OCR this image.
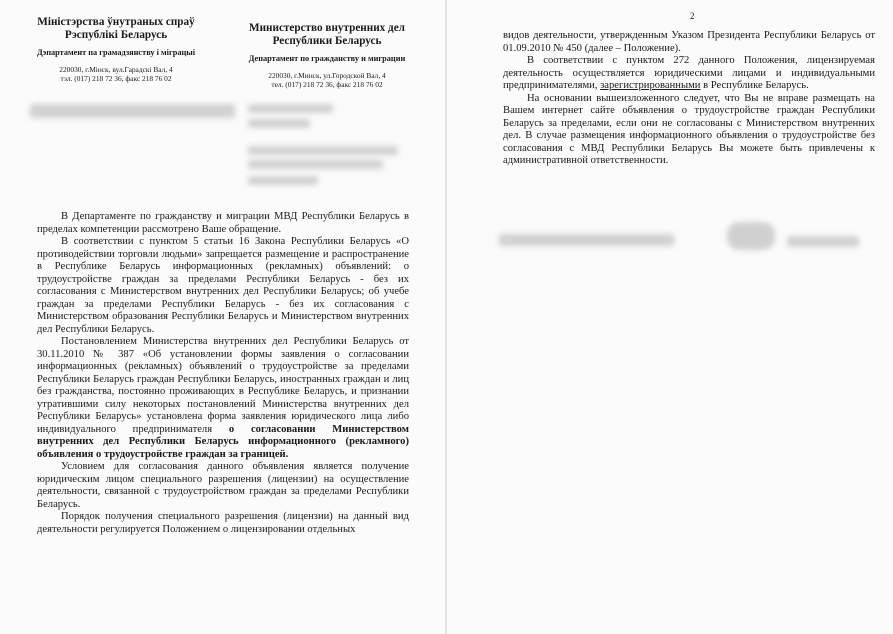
Міністэрства ўнутраных спраў Рэспублікі Беларусь
Дэпартамент па грамадзянству і міграцыі
220030, г.Мінск, вул.Гарадскі Вал, 4
тэл. (017) 218 72 36, факс 218 76 02
Министерство внутренних дел Республики Беларусь
Департамент по гражданству и миграции
220030, г.Минск, ул.Городской Вал, 4
тел. (017) 218 72 36, факс 218 76 02

В Департаменте по гражданству и миграции МВД Республики Беларусь в пределах компетенции рассмотрено Ваше обращение.

В соответствии с пунктом 5 статьи 16 Закона Республики Беларусь «О противодействии торговли людьми» запрещается размещение и распространение в Республике Беларусь информационных (рекламных) объявлений: о трудоустройстве граждан за пределами Республики Беларусь - без их согласования с Министерством внутренних дел Республики Беларусь; об учебе граждан за пределами Республики Беларусь - без их согласования с Министерством образования Республики Беларусь и Министерством внутренних дел Республики Беларусь.

Постановлением Министерства внутренних дел Республики Беларусь от 30.11.2010 № 387 «Об установлении формы заявления о согласовании информационных (рекламных) объявлений о трудоустройстве за пределами Республики Беларусь граждан Республики Беларусь, иностранных граждан и лиц без гражданства, постоянно проживающих в Республике Беларусь, и признании утратившими силу некоторых постановлений Министерства внутренних дел Республики Беларусь» установлена форма заявления юридического лица либо индивидуального предпринимателя о согласовании Министерством внутренних дел Республики Беларусь информационного (рекламного) объявления о трудоустройстве граждан за границей.

Условием для согласования данного объявления является получение юридическим лицом специального разрешения (лицензии) на осуществление деятельности, связанной с трудоустройством граждан за пределами Республики Беларусь.

Порядок получения специального разрешения (лицензии) на данный вид деятельности регулируется Положением о лицензировании отдельных

видов деятельности, утвержденным Указом Президента Республики Беларусь от 01.09.2010 № 450 (далее – Положение).

В соответствии с пунктом 272 данного Положения, лицензируемая деятельность осуществляется юридическими лицами и индивидуальными предпринимателями, зарегистрированными в Республике Беларусь.

На основании вышеизложенного следует, что Вы не вправе размещать на Вашем интернет сайте объявления о трудоустройстве граждан Республики Беларусь за пределами, если они не согласованы с Министерством внутренних дел. В случае размещения информационного объявления о трудоустройстве без согласования с МВД Республики Беларусь Вы можете быть привлечены к административной ответственности.

2
